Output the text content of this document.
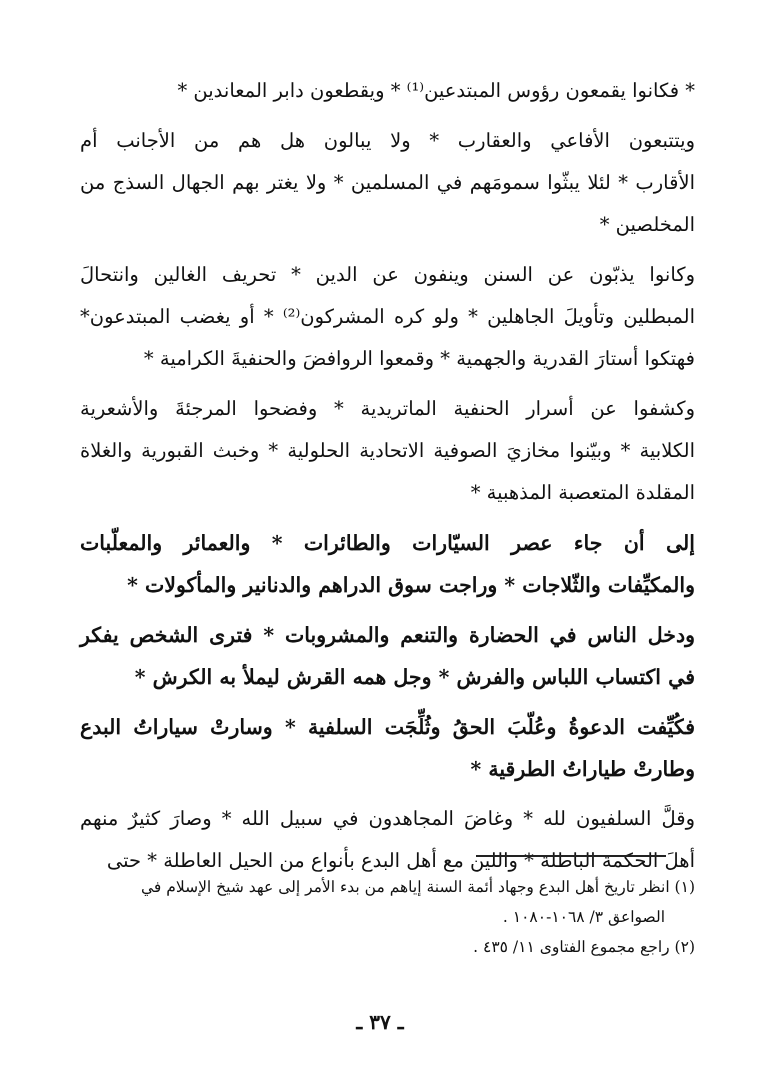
* فكانوا يقمعون رؤوس المبتدعين⁽¹⁾ * ويقطعون دابر المعاندين *
ويتتبعون الأفاعي والعقارب * ولا يبالون هل هم من الأجانب أم
الأقارب * لئلا يبثّوا سمومَهم في المسلمين * ولا يغتر بهم الجهال السذج من
المخلصين *
وكانوا يذبّون عن السنن وينفون عن الدين * تحريف الغالين وانتحالَ
المبطلين وتأويلَ الجاهلين * ولو كره المشركون⁽²⁾ * أو يغضب المبتدعون*
فهتكوا أستارَ القدرية والجهمية * وقمعوا الروافضَ والحنفيةَ الكرامية *
وكشفوا عن أسرار الحنفية الماتريدية * وفضحوا المرجئةَ والأشعرية
الكلابية * وبيّنوا مخازيَ الصوفية الاتحادية الحلولية * وخبث القبورية والغلاة
المقلدة المتعصبة المذهبية *
إلى أن جاء عصر السيّارات والطائرات * والعمائر والمعلّبات
والمكيِّفات والثّلاجات * وراجت سوق الدراهم والدنانير والمأكولات *
ودخل الناس في الحضارة والتنعم والمشروبات * فترى الشخص يفكر
في اكتساب اللباس والفرش * وجل همه القرش ليملأ به الكرش *
فكُيِّفت الدعوةُ وعُلّبَ الحقُ وثُلِّجَت السلفية * وسارتْ سياراتُ البدع
وطارتْ طياراتُ الطرقية *
وقلَّ السلفيون لله * وغاضَ المجاهدون في سبيل الله * وصارَ كثيرٌ منهم
أهلَ الحكمة الباطلة * واللين مع أهل البدع بأنواع من الحيل العاطلة * حتى
(١) انظر تاريخ أهل البدع وجهاد أئمة السنة إياهم من بدء الأمر إلى عهد شيخ الإسلام في
الصواعق ٣/ ١٠٦٨-١٠٨٠ .
(٢) راجع مجموع الفتاوى ١١/ ٤٣٥ .
ـ ٣٧ ـ
